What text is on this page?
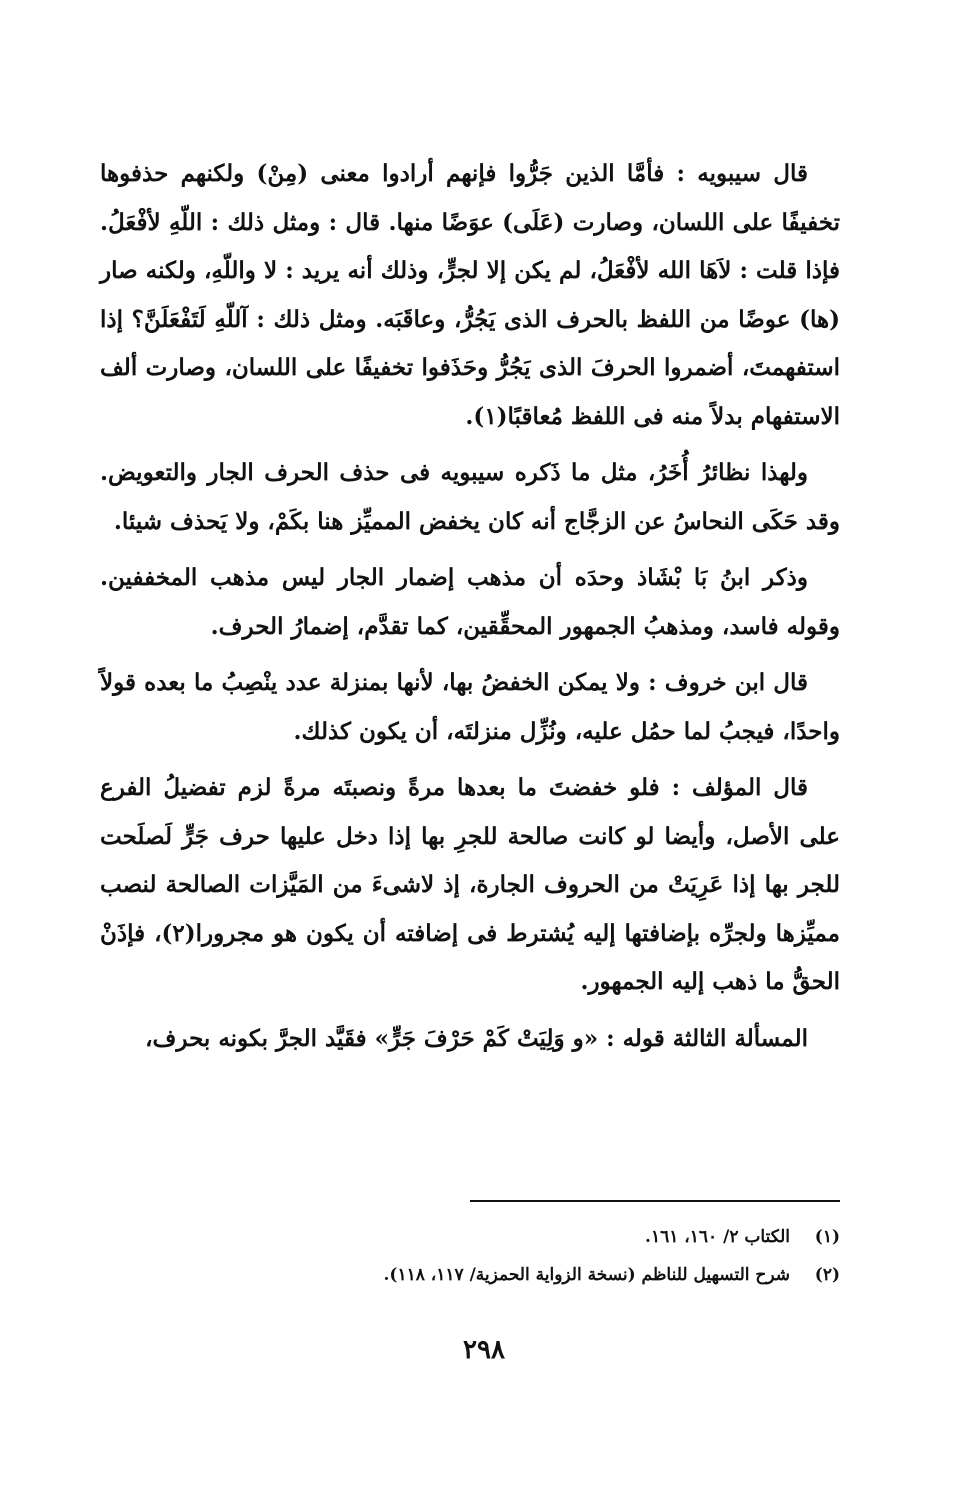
قال سيبويه : فأمَّا الذين جَرُّوا فإنهم أرادوا معنى (مِنْ) ولكنهم حذفوها تخفيفًا على اللسان، وصارت (عَلَى) عوَضًا منها. قال : ومثل ذلك : اللّهِ لأفْعَلُ. فإذا قلت : لاَهَا الله لأفْعَلُ، لم يكن إلا لجرٍّ، وذلك أنه يريد : لا واللّهِ، ولكنه صار (ها) عوضًا من اللفظ بالحرف الذى يَجُرُّ، وعاقَبَه. ومثل ذلك : آللّهِ لَتَفْعَلَنَّ؟ إذا استفهمتَ، أضمروا الحرفَ الذى يَجُرُّ وحَذَفوا تخفيفًا على اللسان، وصارت ألف الاستفهام بدلاً منه فى اللفظ مُعاقبًا(١).

ولهذا نظائرُ أُخَرُ، مثل ما ذَكره سيبويه فى حذف الحرف الجار والتعويض. وقد حَكَى النحاسُ عن الزجَّاج أنه كان يخفض المميِّز هنا بكَمْ، ولا يَحذف شيئا.

وذكر ابنُ بَا بْشَاذ وحدَه أن مذهب إضمار الجار ليس مذهب المخففين. وقوله فاسد، ومذهبُ الجمهور المحقِّقين، كما تقدَّم، إضمارُ الحرف.

قال ابن خروف : ولا يمكن الخفضُ بها، لأنها بمنزلة عدد ينْصِبُ ما بعده قولاً واحدًا، فيجبُ لما حمُل عليه، ونُزِّل منزلتَه، أن يكون كذلك.

قال المؤلف : فلو خفضتَ ما بعدها مرةً ونصبتَه مرةً لزم تفضيلُ الفرع على الأصل، وأيضا لو كانت صالحة للجرِ بها إذا دخل عليها حرف جَرٍّ لَصلَحت للجر بها إذا عَرِيَتْ من الحروف الجارة، إذ لاشىءَ من المَيَّزات الصالحة لنصب مميِّزها ولجرِّه بإضافتها إليه يُشترط فى إضافته أن يكون هو مجرورا(٢)، فإذَنْ الحقُّ ما ذهب إليه الجمهور.

المسألة الثالثة قوله : «و وَلِيَتْ كَمْ حَرْفَ جَرٍّ» فقَيَّد الجرَّ بكونه بحرف،

(١)
الكتاب ٢/ ١٦٠، ١٦١.
(٢)
شرح التسهيل للناظم (نسخة الزواية الحمزية/ ١١٧، ١١٨).
٢٩٨
